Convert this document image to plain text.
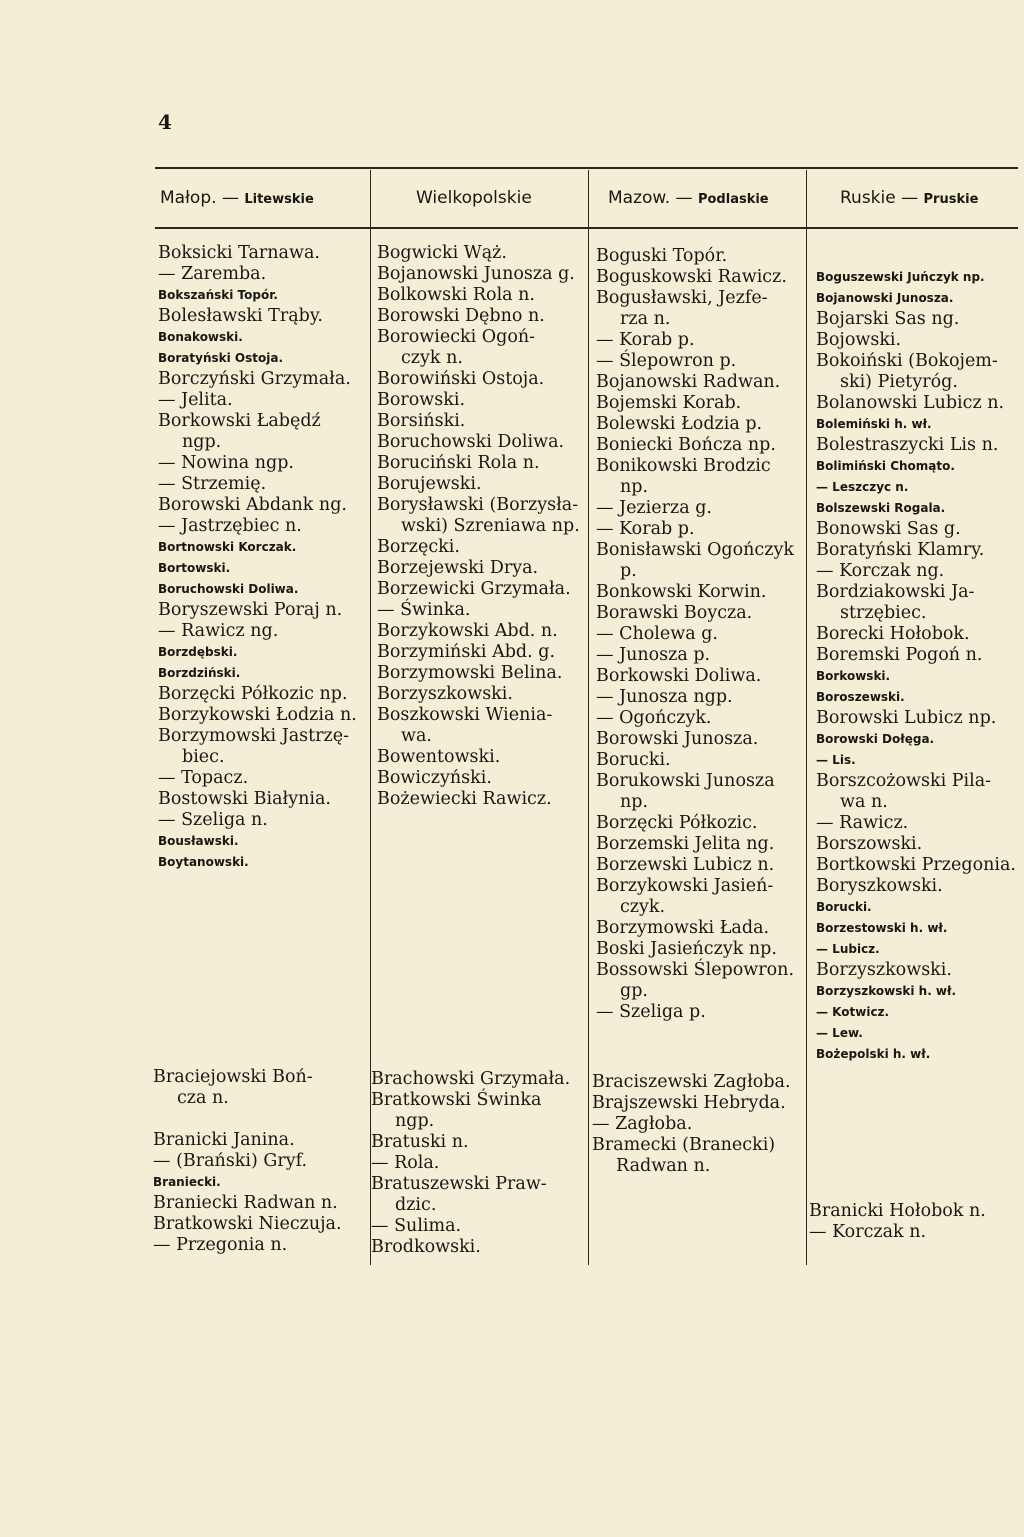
4
Małop. — Litewskie	Wielkopolskie	Mazow. — Podlaskie	Ruskie — Pruskie
Boksicki Tarnawa.
— Zaremba.
Bokszański Topór.
Bolesławski Trąby.
Bonakowski.
Boratyński Ostoja.
Borczyński Grzymała.
— Jelita.
Borkowski Łabędź
ngp.
— Nowina ngp.
— Strzemię.
Borowski Abdank ng.
— Jastrzębiec n.
Bortnowski Korczak.
Bortowski.
Boruchowski Doliwa.
Boryszewski Poraj n.
— Rawicz ng.
Borzdębski.
Borzdziński.
Borzęcki Półkozic np.
Borzykowski Łodzia n.
Borzymowski Jastrzę-
biec.
— Topacz.
Bostowski Białynia.
— Szeliga n.
Bousławski.
Boytanowski.
Braciejowski Boń-
cza n.

Branicki Janina.
— (Brański) Gryf.
Braniecki.
Braniecki Radwan n.
Bratkowski Nieczuja.
— Przegonia n.
Bogwicki Wąż.
Bojanowski Junosza g.
Bolkowski Rola n.
Borowski Dębno n.
Borowiecki Ogoń-
czyk n.
Borowiński Ostoja.
Borowski.
Borsiński.
Boruchowski Doliwa.
Boruciński Rola n.
Borujewski.
Borysławski (Borzysła-
wski) Szreniawa np.
Borzęcki.
Borzejewski Drya.
Borzewicki Grzymała.
— Świnka.
Borzykowski Abd. n.
Borzymiński Abd. g.
Borzymowski Belina.
Borzyszkowski.
Boszkowski Wienia-
wa.
Bowentowski.
Bowiczyński.
Bożewiecki Rawicz.
Brachowski Grzymała.
Bratkowski Świnka
ngp.
Bratuski n.
— Rola.
Bratuszewski Praw-
dzic.
— Sulima.
Brodkowski.
Boguski Topór.
Boguskowski Rawicz.
Bogusławski, Jezfe-
rza n.
— Korab p.
— Ślepowron p.
Bojanowski Radwan.
Bojemski Korab.
Bolewski Łodzia p.
Boniecki Bończa np.
Bonikowski Brodzic
np.
— Jezierza g.
— Korab p.
Bonisławski Ogończyk
p.
Bonkowski Korwin.
Borawski Boycza.
— Cholewa g.
— Junosza p.
Borkowski Doliwa.
— Junosza ngp.
— Ogończyk.
Borowski Junosza.
Borucki.
Borukowski Junosza
np.
Borzęcki Półkozic.
Borzemski Jelita ng.
Borzewski Lubicz n.
Borzykowski Jasień-
czyk.
Borzymowski Łada.
Boski Jasieńczyk np.
Bossowski Ślepowron.
gp.
— Szeliga p.
Braciszewski Zagłoba.
Brajszewski Hebryda.
— Zagłoba.
Bramecki (Branecki)
Radwan n.
Boguszewski Juńczyk np.
Bojanowski Junosza.
Bojarski Sas ng.
Bojowski.
Bokoiński (Bokojem-
ski) Pietyróg.
Bolanowski Lubicz n.
Bolemiński h. wł.
Bolestraszycki Lis n.
Bolimiński Chomąto.
— Leszczyc n.
Bolszewski Rogala.
Bonowski Sas g.
Boratyński Klamry.
— Korczak ng.
Bordziakowski Ja-
strzębiec.
Borecki Hołobok.
Boremski Pogoń n.
Borkowski.
Boroszewski.
Borowski Lubicz np.
Borowski Dołęga.
— Lis.
Borszcożowski Pila-
wa n.
— Rawicz.
Borszowski.
Bortkowski Przegonia.
Boryszkowski.
Borucki.
Borzestowski h. wł.
— Lubicz.
Borzyszkowski.
Borzyszkowski h. wł.
— Kotwicz.
— Lew.
Bożepolski h. wł.
Branicki Hołobok n.
— Korczak n.
